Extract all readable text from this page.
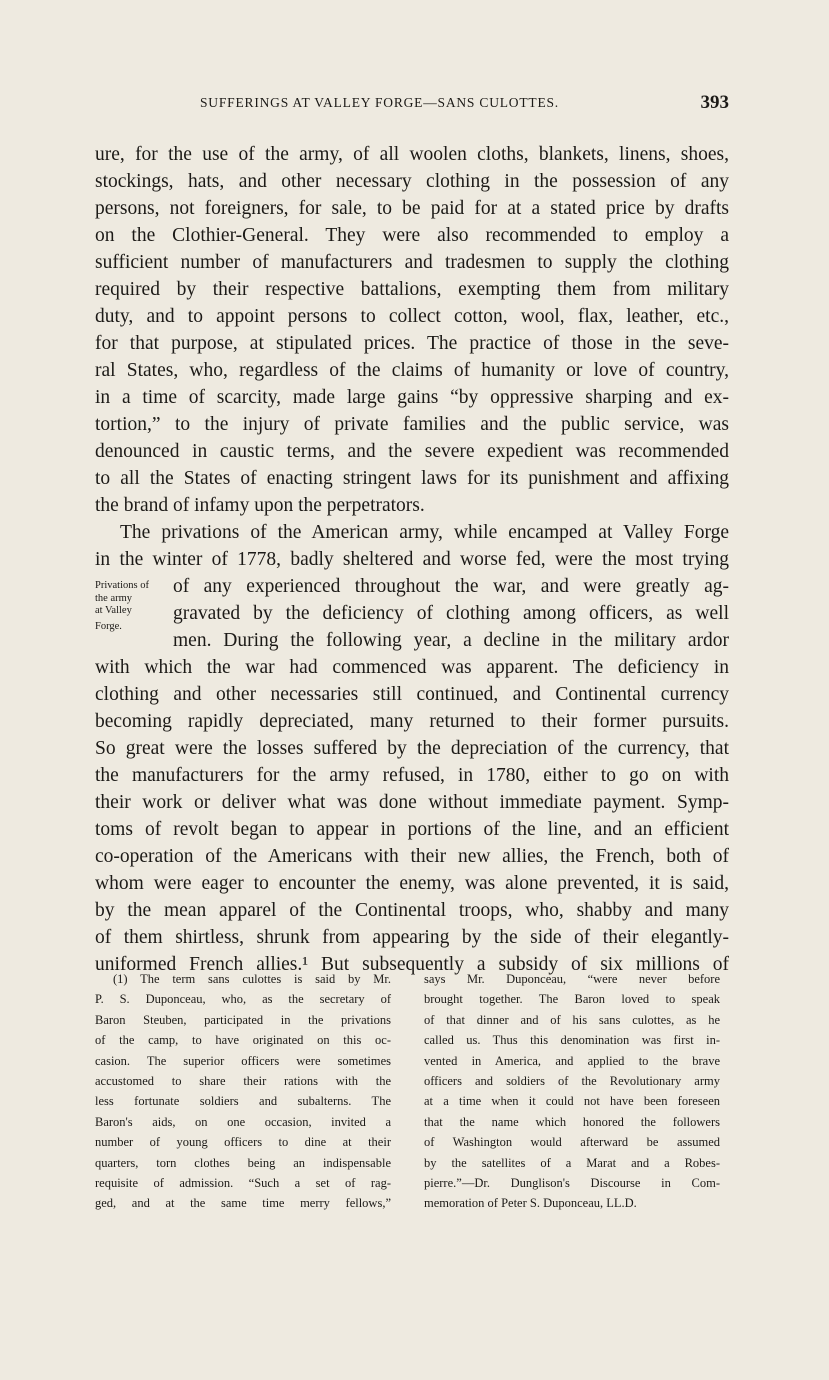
SUFFERINGS AT VALLEY FORGE—SANS CULOTTES.	393
ure, for the use of the army, of all woolen cloths, blankets, linens, shoes,
stockings, hats, and other necessary clothing in the possession of any
persons, not foreigners, for sale, to be paid for at a stated price by drafts
on the Clothier-General. They were also recommended to employ a
sufficient number of manufacturers and tradesmen to supply the clothing
required by their respective battalions, exempting them from military
duty, and to appoint persons to collect cotton, wool, flax, leather, etc.,
for that purpose, at stipulated prices. The practice of those in the seve-
ral States, who, regardless of the claims of humanity or love of country,
in a time of scarcity, made large gains “by oppressive sharping and ex-
tortion,” to the injury of private families and the public service, was
denounced in caustic terms, and the severe expedient was recommended
to all the States of enacting stringent laws for its punishment and affixing
the brand of infamy upon the perpetrators.
The privations of the American army, while encamped at Valley Forge
in the winter of 1778, badly sheltered and worse fed, were the most trying
of any experienced throughout the war, and were greatly ag-
gravated by the deficiency of clothing among officers, as well
men. During the following year, a decline in the military ardor
with which the war had commenced was apparent. The deficiency in
clothing and other necessaries still continued, and Continental currency
becoming rapidly depreciated, many returned to their former pursuits.
So great were the losses suffered by the depreciation of the currency, that
the manufacturers for the army refused, in 1780, either to go on with
their work or deliver what was done without immediate payment. Symp-
toms of revolt began to appear in portions of the line, and an efficient
co-operation of the Americans with their new allies, the French, both of
whom were eager to encounter the enemy, was alone prevented, it is said,
by the mean apparel of the Continental troops, who, shabby and many
of them shirtless, shrunk from appearing by the side of their elegantly-
uniformed French allies.¹ But subsequently a subsidy of six millions of
Privations of
the army
at Valley
Forge.
(1) The term sans culottes is said by Mr.
P. S. Duponceau, who, as the secretary of
Baron Steuben, participated in the privations
of the camp, to have originated on this oc-
casion. The superior officers were sometimes
accustomed to share their rations with the
less fortunate soldiers and subalterns. The
Baron's aids, on one occasion, invited a
number of young officers to dine at their
quarters, torn clothes being an indispensable
requisite of admission. “Such a set of rag-
ged, and at the same time merry fellows,”
says Mr. Duponceau, “were never before
brought together. The Baron loved to speak
of that dinner and of his sans culottes, as he
called us. Thus this denomination was first in-
vented in America, and applied to the brave
officers and soldiers of the Revolutionary army
at a time when it could not have been foreseen
that the name which honored the followers
of Washington would afterward be assumed
by the satellites of a Marat and a Robes-
pierre.”—Dr. Dunglison's Discourse in Com-
memoration of Peter S. Duponceau, LL.D.
